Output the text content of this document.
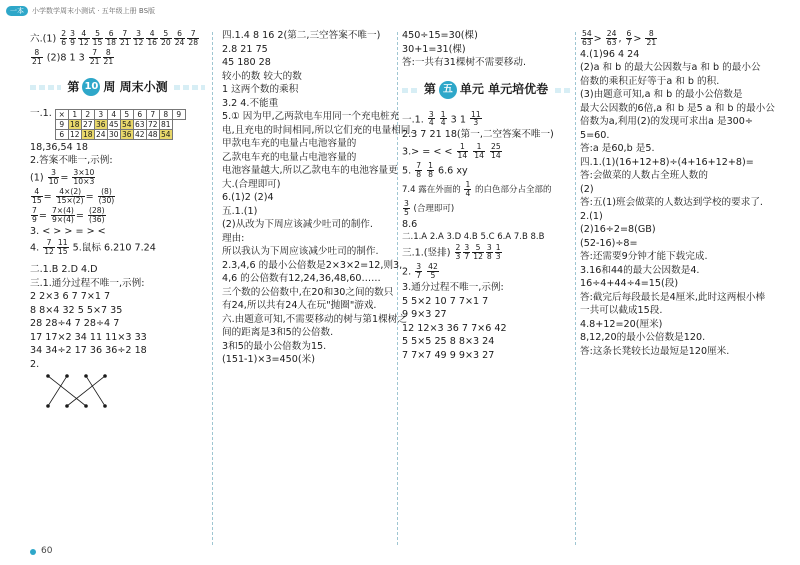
一本	小学数学周末小测试 · 五年级上册 BS版
六$.(1) \frac{2}{6} \frac{3}{9} \frac{4}{12} \frac{5}{15} \frac{6}{18} \frac{7}{21} \frac{3}{12} \frac{4}{16} \frac{5}{20} \frac{6}{24} \frac{7}{28}$
$\frac{8}{21} (2)8$ 1 $3 \frac{7}{21} \frac{8}{21}$
第 10 周 周末小测
一.1. ×	1	2	3	4	5	6	7	8	9
9	18	27	36	45	54	63	72	81	
6	12	18	24	30	36	42	48	54	
18,36,54 18
2.答案不唯一,示例:
$(1) \frac{3}{10} = \frac{3\times 10}{10\times 3}$
$\frac{4}{15} = \frac{4\times(2)}{15\times(2)} = \frac{(8)}{(30)}$
$\frac{7}{9} = \frac{7\times(4)}{9\times(4)} = \frac{(28)}{(36)}$
3. < > > = > <
4. $\frac{7}{12} \frac{11}{15} 5$.鼠标 6.210 7.24
二.1.B 2.D 4.D
三.1.通分过程不唯一,示例:
2 2×3 6 7 7×1 7
8 8×4 32 5 5×7 35
28 28÷4 7 28÷4 7
17 17×2 34 11 11×3 33
34 34÷2 17 36 36÷2 18
2.
四.1.4 8 16 2(第二,三空答案不唯一)
2.8 21 75
45 180 28
较小的数 较大的数
1 这两个数的乘积
3.2 4.不能重
5.① 因为甲,乙两款电车用同一个充电桩充
电,且充电的时间相同,所以它们充的电量相同.
甲款电车充的电量占电池容量的
乙款电车充的电量占电池容量的
电池容量越大,所以乙款电车的电池容量更
大.(合理即可)
6.(1)2 (2)4
五.1.(1)
(2)从改为下周应该减少吐司的制作.
理由:
所以我认为下周应该减少吐司的制作.
2.3,4,6 的最小公倍数是2×3×2=12,则3,
4,6 的公倍数有12,24,36,48,60……
三个数的公倍数中,在20和30之间的数只
有24,所以共有24人在玩"抛圈"游戏.
六.由题意可知,不需要移动的树与第1棵树之
间的距离是3和5的公倍数.
3和5的最小公倍数为15.
(151-1)×3=450(米)
450÷15=30(棵)
30+1=31(棵)
答:一共有31棵树不需要移动.
第 五 单元 单元培优卷
一.1. $\frac{3}{4}$
$\frac{1}{4} 3$ $1 \frac{11}{3}$
2.3 7 21 18(第一,二空答案不唯一)
3.> = < < $\frac{1}{14}$
$\frac{1}{14}$
$\frac{25}{14}$
5. $\frac{7}{8}$
$\frac{1}{8} 6.6$ xy
7.4 露在外面的 $\frac{1}{4}$ 的白色部分占全部的
$\frac{3}{5}$ (合理即可)
8.6
二.1.A 2.A 3.D 4.B 5.C 6.A 7.B 8.B
三.1.(竖排) $\frac{2}{3} \frac{3}{7} \frac{5}{12} \frac{3}{8} \frac{1}{3}$
2. $\frac{3}{7}$
$\frac{42}{5}$
3.通分过程不唯一,示例:
5 5×2 10 7 7×1 7
9 9×3 27
12 12×3 36 7 7×6 42
5 5×5 25 8 8×3 24
7 7×7 49 9 9×3 27
$\frac{54}{63} > \frac{24}{63}$ , $\frac{6}{7} > \frac{8}{21}$
4.(1)96 4 24
(2)a 和 b 的最大公因数与a 和 b 的最小公
倍数的乘积正好等于a 和 b 的积.
(3)由题意可知,a 和 b 的最小公倍数是
最大公因数的6倍,a 和 b 是5 a 和 b 的最小公
倍数为a,利用(2)的发现可求出a 是300÷
5=60.
答:a 是60,b 是5.
四.1.(1)(16+12+8)÷(4+16+12+8)=
答:会做菜的人数占全班人数的
(2)
答:五(1)班会做菜的人数达到学校的要求了.
2.(1)
(2)16÷2=8(GB)
(52-16)÷8=
答:还需要9分钟才能下载完成.
3.16和44的最大公因数是4.
16÷4+44÷4=15(段)
答:截完后每段最长是4厘米,此时这两根小棒
一共可以截成15段.
4.8+12=20(厘米)
8,12,20的最小公倍数是120.
答:这条长凳较长边最短是120厘米.
60
